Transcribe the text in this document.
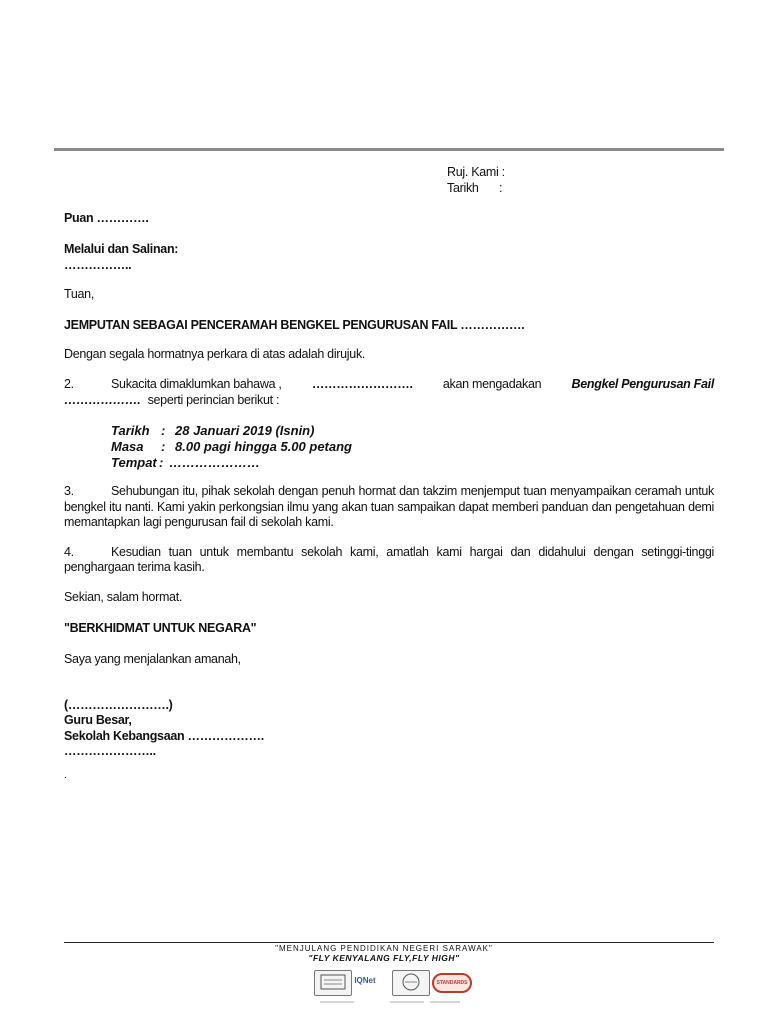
Ruj. Kami :
Tarikh :
Puan ………….
Melalui dan Salinan:
……………..
Tuan,
JEMPUTAN SEBAGAI PENCERAMAH BENGKEL PENGURUSAN FAIL …………….
Dengan segala hormatnya perkara di atas adalah dirujuk.
2.	Sukacita dimaklumkan bahawa , ……………………. akan mengadakan Bengkel Pengurusan Fail
………………. seperti perincian berikut :
Tarikh : 28 Januari 2019 (Isnin)
Masa	: 8.00 pagi hingga 5.00 petang
Tempat : …………………
3.	Sehubungan itu, pihak sekolah dengan penuh hormat dan takzim menjemput tuan menyampaikan ceramah untuk
bengkel itu nanti. Kami yakin perkongsian ilmu yang akan tuan sampaikan dapat memberi panduan dan pengetahuan demi
memantapkan lagi pengurusan fail di sekolah kami.
4.	Kesudian tuan untuk membantu sekolah kami, amatlah kami hargai dan didahului dengan setinggi-tinggi
penghargaan terima kasih.
Sekian, salam hormat.
"BERKHIDMAT UNTUK NEGARA"
Saya yang menjalankan amanah,
(…………………….)
Guru Besar,
Sekolah Kebangsaan ……………….
…………………..
.
"MENJULANG PENDIDIKAN NEGERI SARAWAK"
"FLY KENYALANG FLY,FLY HIGH"
IQNet	STANDARDS
